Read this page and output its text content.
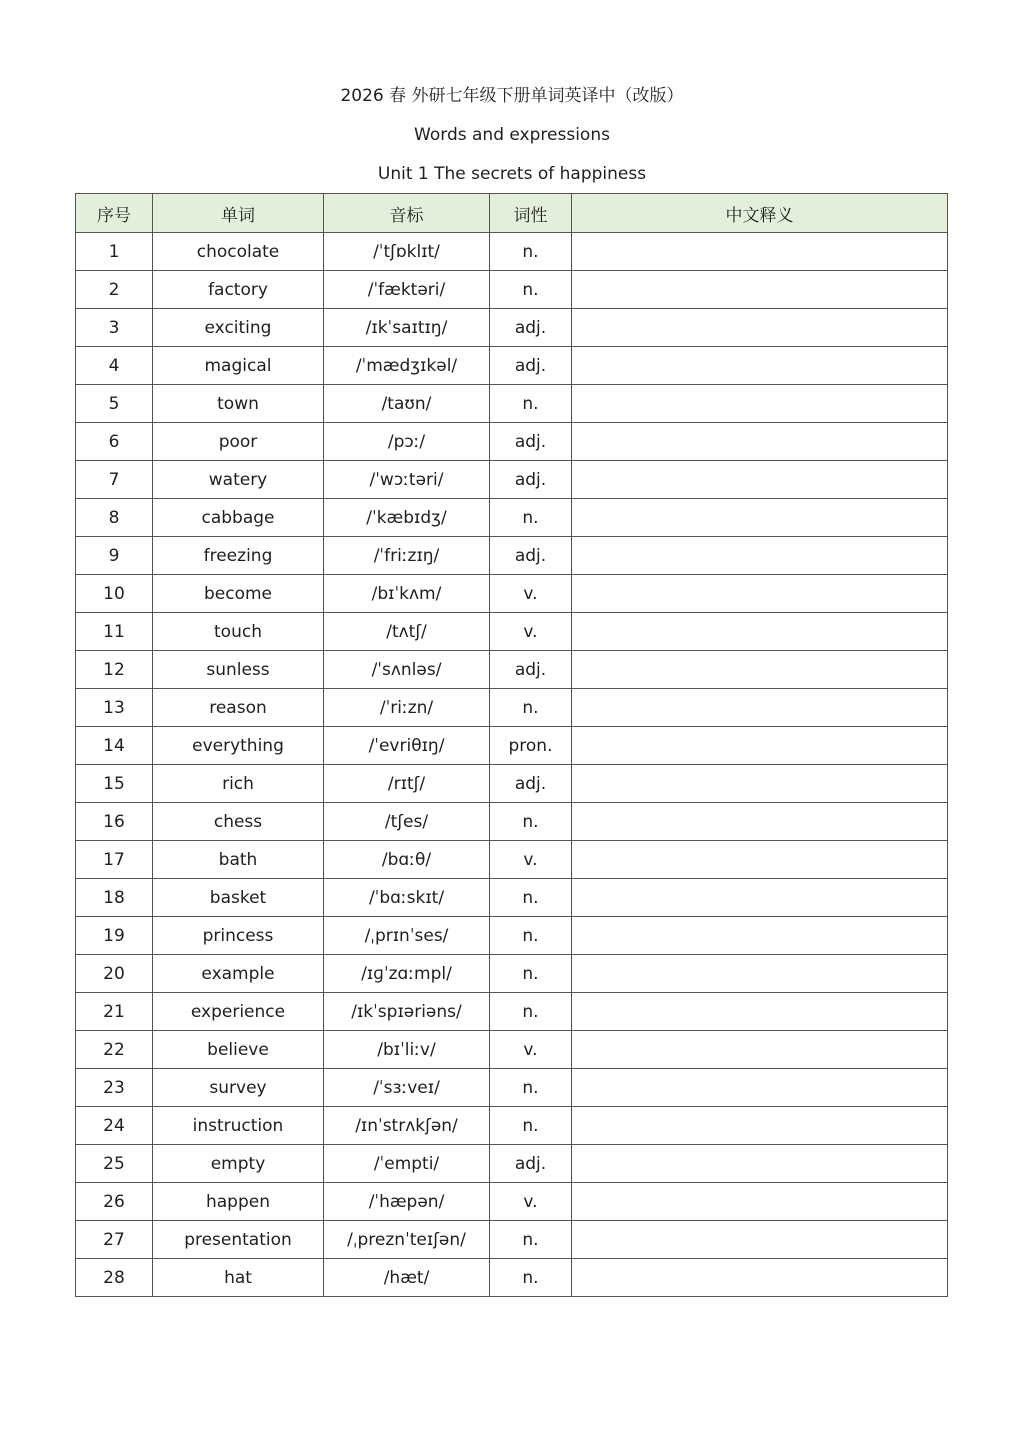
2026 春 外研七年级下册单词英译中（改版）
Words and expressions
Unit 1 The secrets of happiness
序号	单词	音标	词性	中文释义
1	chocolate	/ˈtʃɒklɪt/	n.	
2	factory	/ˈfæktəri/	n.	
3	exciting	/ɪkˈsaɪtɪŋ/	adj.	
4	magical	/ˈmædʒɪkəl/	adj.	
5	town	/taʊn/	n.	
6	poor	/pɔː/	adj.	
7	watery	/ˈwɔːtəri/	adj.	
8	cabbage	/ˈkæbɪdʒ/	n.	
9	freezing	/ˈfriːzɪŋ/	adj.	
10	become	/bɪˈkʌm/	v.	
11	touch	/tʌtʃ/	v.	
12	sunless	/ˈsʌnləs/	adj.	
13	reason	/ˈriːzn/	n.	
14	everything	/ˈevriθɪŋ/	pron.	
15	rich	/rɪtʃ/	adj.	
16	chess	/tʃes/	n.	
17	bath	/bɑːθ/	v.	
18	basket	/ˈbɑːskɪt/	n.	
19	princess	/ˌprɪnˈses/	n.	
20	example	/ɪɡˈzɑːmpl/	n.	
21	experience	/ɪkˈspɪəriəns/	n.	
22	believe	/bɪˈliːv/	v.	
23	survey	/ˈsɜːveɪ/	n.	
24	instruction	/ɪnˈstrʌkʃən/	n.	
25	empty	/ˈempti/	adj.	
26	happen	/ˈhæpən/	v.	
27	presentation	/ˌpreznˈteɪʃən/	n.	
28	hat	/hæt/	n.	
